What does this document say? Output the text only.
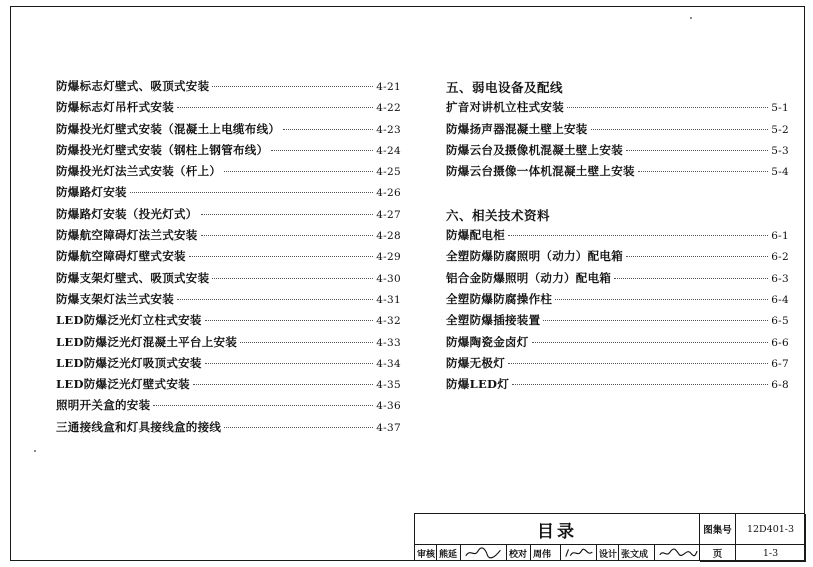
防爆标志灯壁式、吸顶式安装	4-21
防爆标志灯吊杆式安装	4-22
防爆投光灯壁式安装（混凝土上电缆布线）	4-23
防爆投光灯壁式安装（钢柱上钢管布线）	4-24
防爆投光灯法兰式安装（杆上）	4-25
防爆路灯安装	4-26
防爆路灯安装（投光灯式）	4-27
防爆航空障碍灯法兰式安装	4-28
防爆航空障碍灯壁式安装	4-29
防爆支架灯壁式、吸顶式安装	4-30
防爆支架灯法兰式安装	4-31
LED防爆泛光灯立柱式安装	4-32
LED防爆泛光灯混凝土平台上安装	4-33
LED防爆泛光灯吸顶式安装	4-34
LED防爆泛光灯壁式安装	4-35
照明开关盒的安装	4-36
三通接线盒和灯具接线盒的接线	4-37
五、弱电设备及配线
扩音对讲机立柱式安装	5-1
防爆扬声器混凝土壁上安装	5-2
防爆云台及摄像机混凝土壁上安装	5-3
防爆云台摄像一体机混凝土壁上安装	5-4
六、相关技术资料
防爆配电柜	6-1
全塑防爆防腐照明（动力）配电箱	6-2
铝合金防爆照明（动力）配电箱	6-3
全塑防爆防腐操作柱	6-4
全塑防爆插接装置	6-5
防爆陶瓷金卤灯	6-6
防爆无极灯	6-7
防爆LED灯	6-8
目录	图集号	12D401-3
页	1-3
审核 熊延	校对 周伟	设计 张文成
